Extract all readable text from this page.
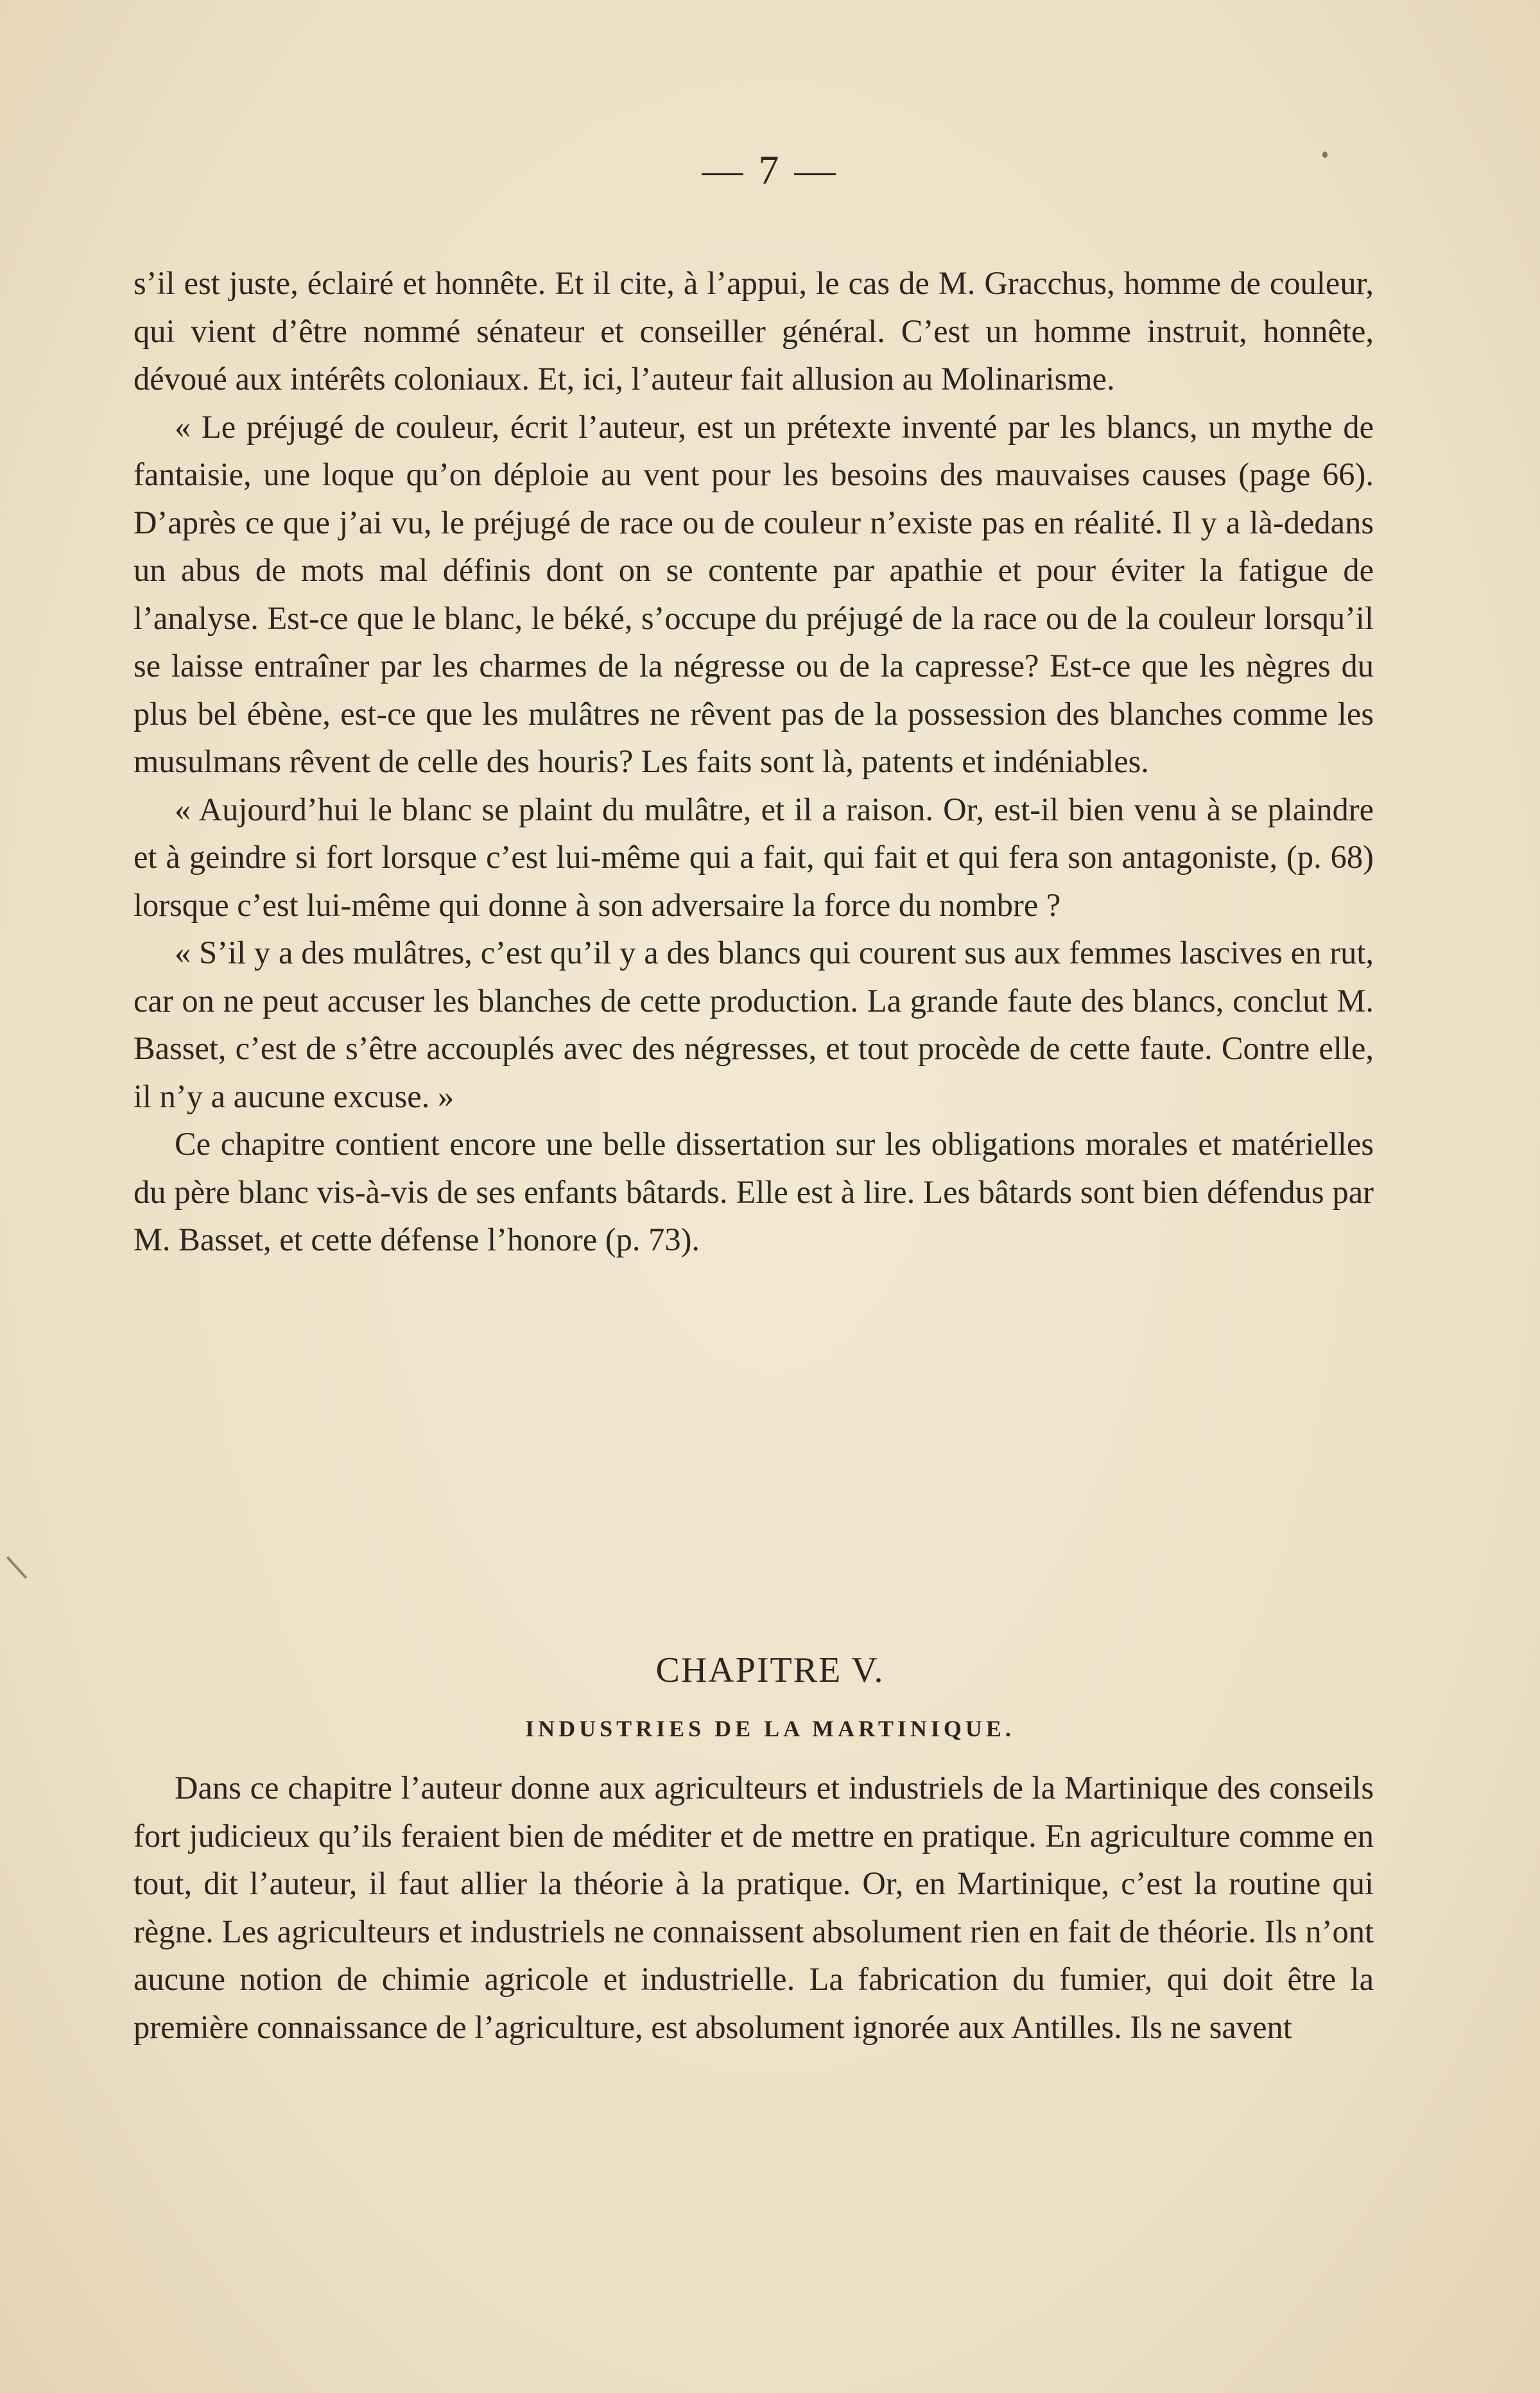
— 7 —

s’il est juste, éclairé et honnête. Et il cite, à l’appui, le cas de M. Gracchus, homme de couleur, qui vient d’être nommé sénateur et conseiller général. C’est un homme instruit, honnête, dévoué aux intérêts coloniaux. Et, ici, l’auteur fait allusion au Molinarisme.

« Le préjugé de couleur, écrit l’auteur, est un prétexte inventé par les blancs, un mythe de fantaisie, une loque qu’on déploie au vent pour les besoins des mauvaises causes (page 66). D’après ce que j’ai vu, le préjugé de race ou de couleur n’existe pas en réalité. Il y a là-dedans un abus de mots mal définis dont on se contente par apathie et pour éviter la fatigue de l’analyse. Est-ce que le blanc, le béké, s’occupe du préjugé de la race ou de la couleur lorsqu’il se laisse entraîner par les charmes de la négresse ou de la capresse? Est-ce que les nègres du plus bel ébène, est-ce que les mulâtres ne rêvent pas de la possession des blanches comme les musulmans rêvent de celle des houris? Les faits sont là, patents et indéniables.

« Aujourd’hui le blanc se plaint du mulâtre, et il a raison. Or, est-il bien venu à se plaindre et à geindre si fort lorsque c’est lui-même qui a fait, qui fait et qui fera son antagoniste, (p. 68) lorsque c’est lui-même qui donne à son adversaire la force du nombre ?

« S’il y a des mulâtres, c’est qu’il y a des blancs qui courent sus aux femmes lascives en rut, car on ne peut accuser les blanches de cette production. La grande faute des blancs, conclut M. Basset, c’est de s’être accouplés avec des négresses, et tout procède de cette faute. Contre elle, il n’y a aucune excuse. »

Ce chapitre contient encore une belle dissertation sur les obligations morales et matérielles du père blanc vis-à-vis de ses enfants bâtards. Elle est à lire. Les bâtards sont bien défendus par M. Basset, et cette défense l’honore (p. 73).

CHAPITRE V.
INDUSTRIES DE LA MARTINIQUE.

Dans ce chapitre l’auteur donne aux agriculteurs et industriels de la Martinique des conseils fort judicieux qu’ils feraient bien de méditer et de mettre en pratique. En agriculture comme en tout, dit l’auteur, il faut allier la théorie à la pratique. Or, en Martinique, c’est la routine qui règne. Les agriculteurs et industriels ne connaissent absolument rien en fait de théorie. Ils n’ont aucune notion de chimie agricole et industrielle. La fabrication du fumier, qui doit être la première connaissance de l’agriculture, est absolument ignorée aux Antilles. Ils ne savent
